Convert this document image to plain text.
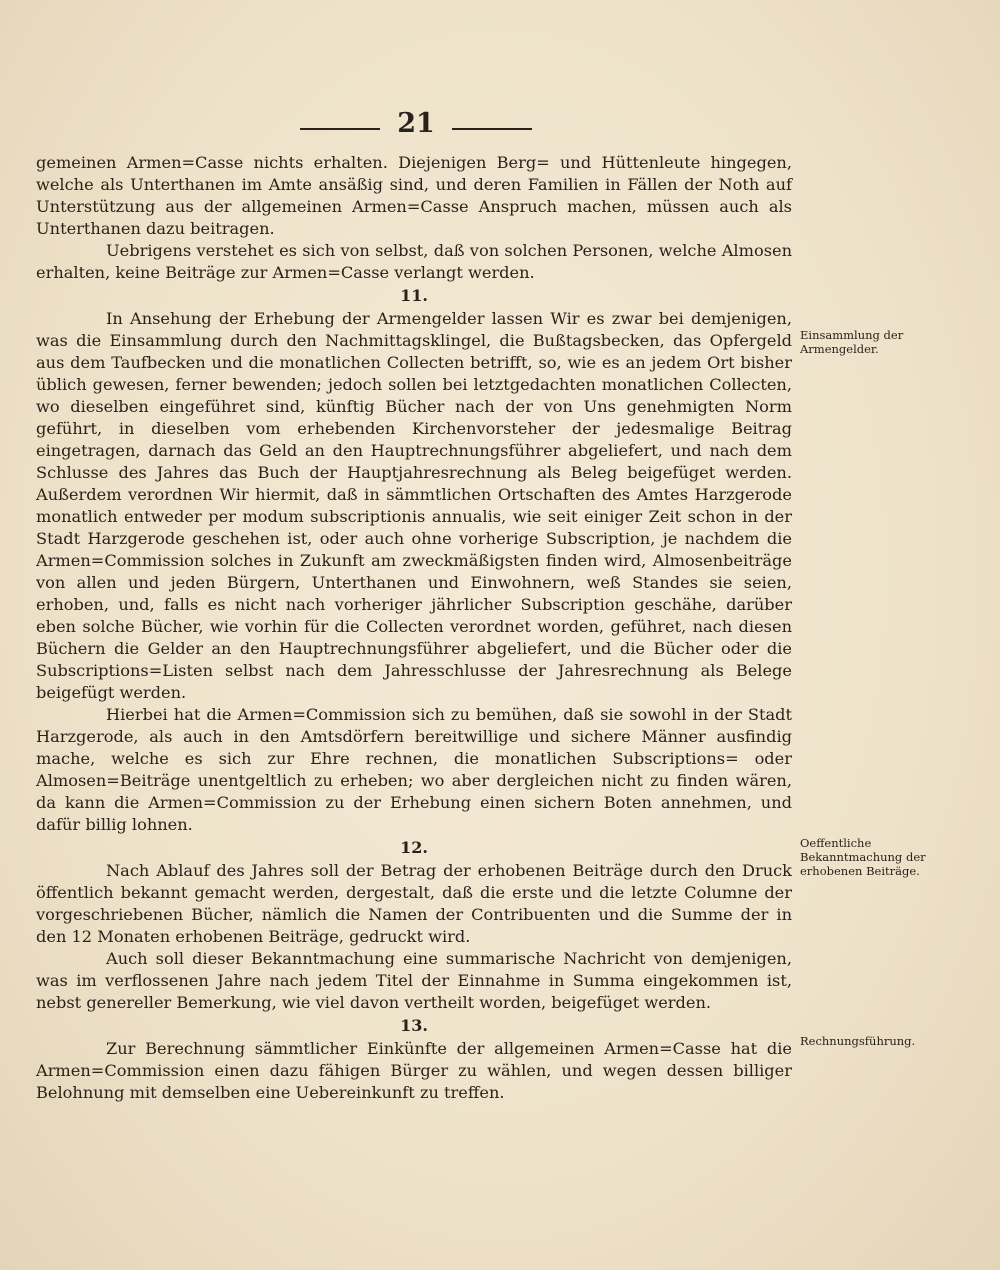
21

gemeinen Armen=Casse nichts erhalten. Diejenigen Berg= und Hüttenleute hingegen, welche als Unterthanen im Amte ansäßig sind, und deren Familien in Fällen der Noth auf Unterstützung aus der allgemeinen Armen=Casse Anspruch machen, müssen auch als Unterthanen dazu beitragen.

Uebrigens verstehet es sich von selbst, daß von solchen Personen, welche Almosen erhalten, keine Beiträge zur Armen=Casse verlangt werden.

11.

In Ansehung der Erhebung der Armengelder lassen Wir es zwar bei demjenigen, was die Einsammlung durch den Nachmittagsklingel, die Bußtagsbecken, das Opfergeld aus dem Taufbecken und die monatlichen Collecten betrifft, so, wie es an jedem Ort bisher üblich gewesen, ferner bewenden; jedoch sollen bei letztgedachten monatlichen Collecten, wo dieselben eingeführet sind, künftig Bücher nach der von Uns genehmigten Norm geführt, in dieselben vom erhebenden Kirchenvorsteher der jedesmalige Beitrag eingetragen, darnach das Geld an den Hauptrechnungsführer abgeliefert, und nach dem Schlusse des Jahres das Buch der Hauptjahresrechnung als Beleg beigefüget werden. Außerdem verordnen Wir hiermit, daß in sämmtlichen Ortschaften des Amtes Harzgerode monatlich entweder per modum subscriptionis annualis, wie seit einiger Zeit schon in der Stadt Harzgerode geschehen ist, oder auch ohne vorherige Subscription, je nachdem die Armen=Commission solches in Zukunft am zweckmäßigsten finden wird, Almosenbeiträge von allen und jeden Bürgern, Unterthanen und Einwohnern, weß Standes sie seien, erhoben, und, falls es nicht nach vorheriger jährlicher Subscription geschähe, darüber eben solche Bücher, wie vorhin für die Collecten verordnet worden, geführet, nach diesen Büchern die Gelder an den Hauptrechnungsführer abgeliefert, und die Bücher oder die Subscriptions=Listen selbst nach dem Jahresschlusse der Jahresrechnung als Belege beigefügt werden.

Hierbei hat die Armen=Commission sich zu bemühen, daß sie sowohl in der Stadt Harzgerode, als auch in den Amtsdörfern bereitwillige und sichere Männer ausfindig mache, welche es sich zur Ehre rechnen, die monatlichen Subscriptions= oder Almosen=Beiträge unentgeltlich zu erheben; wo aber dergleichen nicht zu finden wären, da kann die Armen=Commission zu der Erhebung einen sichern Boten annehmen, und dafür billig lohnen.

12.

Nach Ablauf des Jahres soll der Betrag der erhobenen Beiträge durch den Druck öffentlich bekannt gemacht werden, dergestalt, daß die erste und die letzte Columne der vorgeschriebenen Bücher, nämlich die Namen der Contribuenten und die Summe der in den 12 Monaten erhobenen Beiträge, gedruckt wird.

Auch soll dieser Bekanntmachung eine summarische Nachricht von demjenigen, was im verflossenen Jahre nach jedem Titel der Einnahme in Summa eingekommen ist, nebst genereller Bemerkung, wie viel davon vertheilt worden, beigefüget werden.

13.

Zur Berechnung sämmtlicher Einkünfte der allgemeinen Armen=Casse hat die Armen=Commission einen dazu fähigen Bürger zu wählen, und wegen dessen billiger Belohnung mit demselben eine Uebereinkunft zu treffen.

Einsammlung der Armengelder.
Oeffentliche Bekanntmachung der erhobenen Beiträge.
Rechnungsführung.
